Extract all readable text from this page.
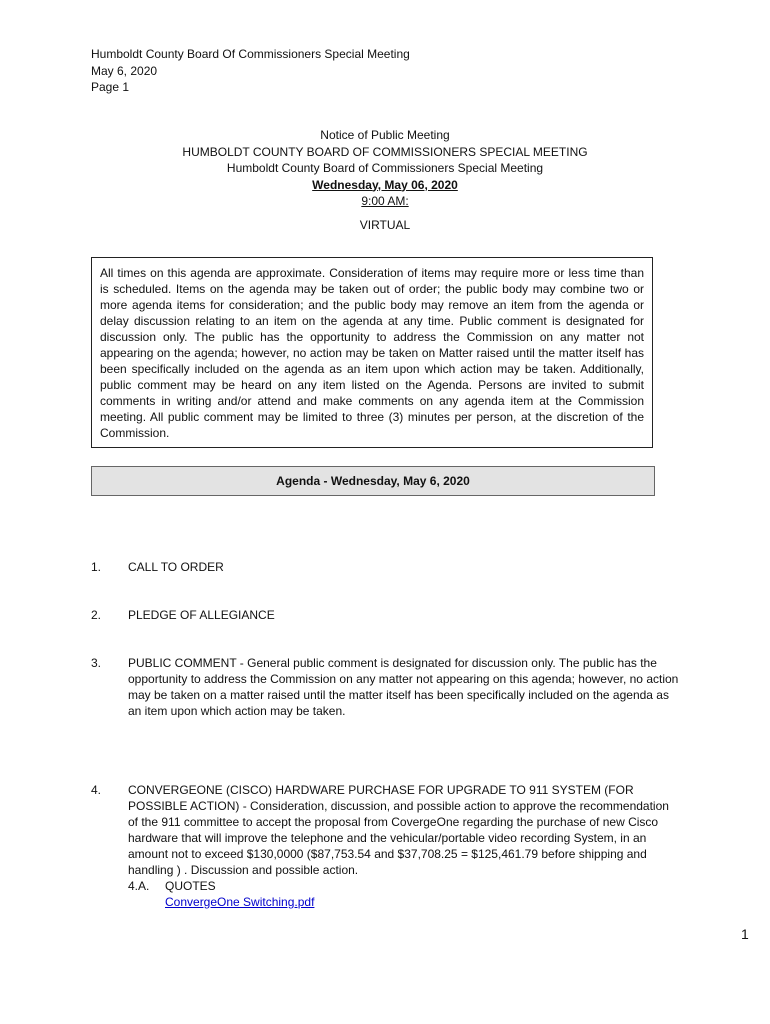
Humboldt County Board Of Commissioners Special Meeting
May 6, 2020
Page 1
Notice of Public Meeting
HUMBOLDT COUNTY BOARD OF COMMISSIONERS SPECIAL MEETING
Humboldt County Board of Commissioners Special Meeting
Wednesday, May 06, 2020
9:00 AM:
VIRTUAL
All times on this agenda are approximate. Consideration of items may require more or less time than is scheduled. Items on the agenda may be taken out of order; the public body may combine two or more agenda items for consideration; and the public body may remove an item from the agenda or delay discussion relating to an item on the agenda at any time. Public comment is designated for discussion only. The public has the opportunity to address the Commission on any matter not appearing on the agenda; however, no action may be taken on Matter raised until the matter itself has been specifically included on the agenda as an item upon which action may be taken. Additionally, public comment may be heard on any item listed on the Agenda. Persons are invited to submit comments in writing and/or attend and make comments on any agenda item at the Commission meeting. All public comment may be limited to three (3) minutes per person, at the discretion of the Commission.
Agenda - Wednesday, May 6, 2020
1. CALL TO ORDER
2. PLEDGE OF ALLEGIANCE
3. PUBLIC COMMENT - General public comment is designated for discussion only. The public has the opportunity to address the Commission on any matter not appearing on this agenda; however, no action may be taken on a matter raised until the matter itself has been specifically included on the agenda as an item upon which action may be taken.
4. CONVERGEONE (CISCO) HARDWARE PURCHASE FOR UPGRADE TO 911 SYSTEM (FOR POSSIBLE ACTION) - Consideration, discussion, and possible action to approve the recommendation of the 911 committee to accept the proposal from CovergeOne regarding the purchase of new Cisco hardware that will improve the telephone and the vehicular/portable video recording System, in an amount not to exceed $130,0000 ($87,753.54 and $37,708.25 = $125,461.79 before shipping and handling ) . Discussion and possible action.
4.A. QUOTES
ConvergeOne Switching.pdf
1
